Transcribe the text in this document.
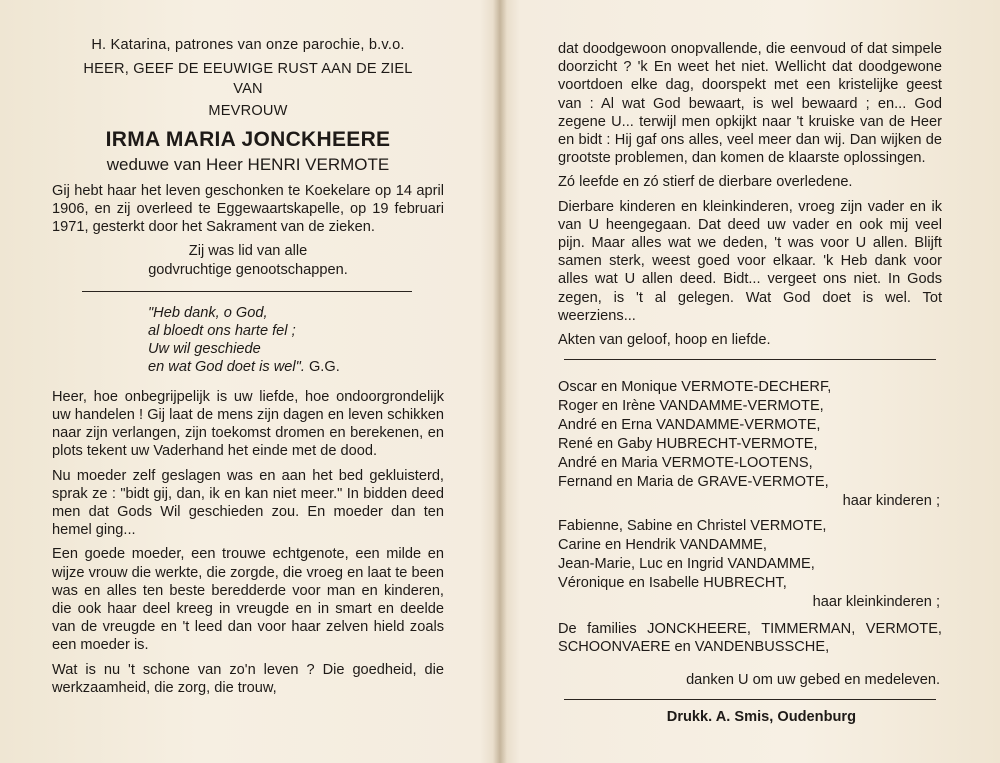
H. Katarina, patrones van onze parochie, b.v.o.
HEER, GEEF DE EEUWIGE RUST AAN DE ZIEL
VAN
MEVROUW
IRMA MARIA JONCKHEERE
weduwe van Heer HENRI VERMOTE
Gij hebt haar het leven geschonken te Koekelare op 14 april 1906, en zij overleed te Eggewaartskapelle, op 19 februari 1971, gesterkt door het Sakrament van de zieken.
Zij was lid van alle
godvruchtige genootschappen.
"Heb dank, o God,
al bloedt ons harte fel ;
Uw wil geschiede
en wat God doet is wel". G.G.
Heer, hoe onbegrijpelijk is uw liefde, hoe ondoorgrondelijk uw handelen ! Gij laat de mens zijn dagen en leven schikken naar zijn verlangen, zijn toekomst dromen en berekenen, en plots tekent uw Vaderhand het einde met de dood.
Nu moeder zelf geslagen was en aan het bed gekluisterd, sprak ze : "bidt gij, dan, ik en kan niet meer." In bidden deed men dat Gods Wil geschieden zou. En moeder dan ten hemel ging...
Een goede moeder, een trouwe echtgenote, een milde en wijze vrouw die werkte, die zorgde, die vroeg en laat te been was en alles ten beste beredderde voor man en kinderen, die ook haar deel kreeg in vreugde en in smart en deelde van de vreugde en 't leed dan voor haar zelven hield zoals een moeder is.
Wat is nu 't schone van zo'n leven ? Die goedheid, die werkzaamheid, die zorg, die trouw,
dat doodgewoon onopvallende, die eenvoud of dat simpele doorzicht ? 'k En weet het niet. Wellicht dat doodgewone voortdoen elke dag, doorspekt met een kristelijke geest van : Al wat God bewaart, is wel bewaard ; en... God zegene U... terwijl men opkijkt naar 't kruiske van de Heer en bidt : Hij gaf ons alles, veel meer dan wij. Dan wijken de grootste problemen, dan komen de klaarste oplossingen.
Zó leefde en zó stierf de dierbare overledene.
Dierbare kinderen en kleinkinderen, vroeg zijn vader en ik van U heengegaan. Dat deed uw vader en ook mij veel pijn. Maar alles wat we deden, 't was voor U allen. Blijft samen sterk, weest goed voor elkaar. 'k Heb dank voor alles wat U allen deed. Bidt... vergeet ons niet. In Gods zegen, is 't al gelegen. Wat God doet is wel. Tot weerziens...
Akten van geloof, hoop en liefde.
Oscar en Monique VERMOTE-DECHERF,
Roger en Irène VANDAMME-VERMOTE,
André en Erna VANDAMME-VERMOTE,
René en Gaby HUBRECHT-VERMOTE,
André en Maria VERMOTE-LOOTENS,
Fernand en Maria de GRAVE-VERMOTE,
haar kinderen ;
Fabienne, Sabine en Christel VERMOTE,
Carine en Hendrik VANDAMME,
Jean-Marie, Luc en Ingrid VANDAMME,
Véronique en Isabelle HUBRECHT,
haar kleinkinderen ;
De families JONCKHEERE, TIMMERMAN, VERMOTE, SCHOONVAERE en VANDENBUSSCHE,
danken U om uw gebed en medeleven.
Drukk. A. Smis, Oudenburg
